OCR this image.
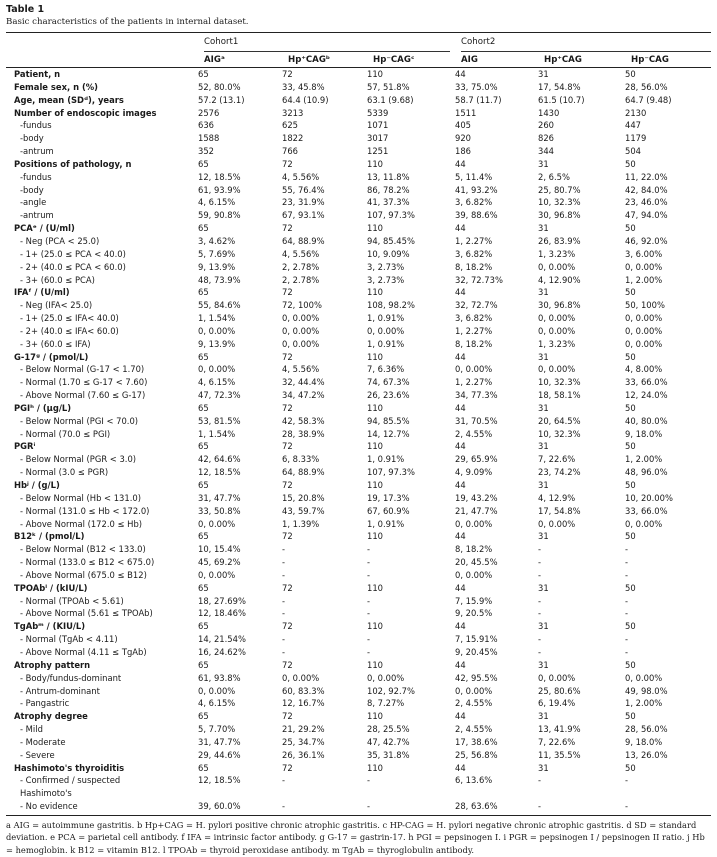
Table 1
Basic characteristics of the patients in internal dataset.
Cohort1	Cohort2
AIGᵃ	Hp⁺CAGᵇ	Hp⁻CAGᶜ	AIG	Hp⁺CAG	Hp⁻CAG
Patient, n	65	72	110	44	31	50
Female sex, n (%)	52, 80.0%	33, 45.8%	57, 51.8%	33, 75.0%	17, 54.8%	28, 56.0%
Age, mean (SDᵈ), years	57.2 (13.1)	64.4 (10.9)	63.1 (9.68)	58.7 (11.7)	61.5 (10.7)	64.7 (9.48)
Number of endoscopic images	2576	3213	5339	1511	1430	2130
-fundus	636	625	1071	405	260	447
-body	1588	1822	3017	920	826	1179
-antrum	352	766	1251	186	344	504
Positions of pathology, n	65	72	110	44	31	50
-fundus	12, 18.5%	4, 5.56%	13, 11.8%	5, 11.4%	2, 6.5%	11, 22.0%
-body	61, 93.9%	55, 76.4%	86, 78.2%	41, 93.2%	25, 80.7%	42, 84.0%
-angle	4, 6.15%	23, 31.9%	41, 37.3%	3, 6.82%	10, 32.3%	23, 46.0%
-antrum	59, 90.8%	67, 93.1%	107, 97.3%	39, 88.6%	30, 96.8%	47, 94.0%
PCAᵉ / (U/ml)	65	72	110	44	31	50
- Neg (PCA < 25.0)	3, 4.62%	64, 88.9%	94, 85.45%	1, 2.27%	26, 83.9%	46, 92.0%
- 1+ (25.0 ≤ PCA < 40.0)	5, 7.69%	4, 5.56%	10, 9.09%	3, 6.82%	1, 3.23%	3, 6.00%
- 2+ (40.0 ≤ PCA < 60.0)	9, 13.9%	2, 2.78%	3, 2.73%	8, 18.2%	0, 0.00%	0, 0.00%
- 3+ (60.0 ≤ PCA)	48, 73.9%	2, 2.78%	3, 2.73%	32, 72.73%	4, 12.90%	1, 2.00%
IFAᶠ / (U/ml)	65	72	110	44	31	50
- Neg (IFA< 25.0)	55, 84.6%	72, 100%	108, 98.2%	32, 72.7%	30, 96.8%	50, 100%
- 1+ (25.0 ≤ IFA< 40.0)	1, 1.54%	0, 0.00%	1, 0.91%	3, 6.82%	0, 0.00%	0, 0.00%
- 2+ (40.0 ≤ IFA< 60.0)	0, 0.00%	0, 0.00%	0, 0.00%	1, 2.27%	0, 0.00%	0, 0.00%
- 3+ (60.0 ≤ IFA)	9, 13.9%	0, 0.00%	1, 0.91%	8, 18.2%	1, 3.23%	0, 0.00%
G-17ᵍ / (pmol/L)	65	72	110	44	31	50
- Below Normal (G-17 < 1.70)	0, 0.00%	4, 5.56%	7, 6.36%	0, 0.00%	0, 0.00%	4, 8.00%
- Normal (1.70 ≤ G-17 < 7.60)	4, 6.15%	32, 44.4%	74, 67.3%	1, 2.27%	10, 32.3%	33, 66.0%
- Above Normal (7.60 ≤ G-17)	47, 72.3%	34, 47.2%	26, 23.6%	34, 77.3%	18, 58.1%	12, 24.0%
PGIʰ / (μg/L)	65	72	110	44	31	50
- Below Normal (PGI < 70.0)	53, 81.5%	42, 58.3%	94, 85.5%	31, 70.5%	20, 64.5%	40, 80.0%
- Normal (70.0 ≤ PGI)	1, 1.54%	28, 38.9%	14, 12.7%	2, 4.55%	10, 32.3%	9, 18.0%
PGRⁱ	65	72	110	44	31	50
- Below Normal (PGR < 3.0)	42, 64.6%	6, 8.33%	1, 0.91%	29, 65.9%	7, 22.6%	1, 2.00%
- Normal (3.0 ≤ PGR)	12, 18.5%	64, 88.9%	107, 97.3%	4, 9.09%	23, 74.2%	48, 96.0%
Hbʲ / (g/L)	65	72	110	44	31	50
- Below Normal (Hb < 131.0)	31, 47.7%	15, 20.8%	19, 17.3%	19, 43.2%	4, 12.9%	10, 20.00%
- Normal (131.0 ≤ Hb < 172.0)	33, 50.8%	43, 59.7%	67, 60.9%	21, 47.7%	17, 54.8%	33, 66.0%
- Above Normal (172.0 ≤ Hb)	0, 0.00%	1, 1.39%	1, 0.91%	0, 0.00%	0, 0.00%	0, 0.00%
B12ᵏ / (pmol/L)	65	72	110	44	31	50
- Below Normal (B12 < 133.0)	10, 15.4%	-	-	8, 18.2%	-	-
- Normal (133.0 ≤ B12 < 675.0)	45, 69.2%	-	-	20, 45.5%	-	-
- Above Normal (675.0 ≤ B12)	0, 0.00%	-	-	0, 0.00%	-	-
TPOAbˡ / (kIU/L)	65	72	110	44	31	50
- Normal (TPOAb < 5.61)	18, 27.69%	-	-	7, 15.9%	-	-
- Above Normal (5.61 ≤ TPOAb)	12, 18.46%	-	-	9, 20.5%	-	-
TgAbᵐ / (KIU/L)	65	72	110	44	31	50
- Normal (TgAb < 4.11)	14, 21.54%	-	-	7, 15.91%	-	-
- Above Normal (4.11 ≤ TgAb)	16, 24.62%	-	-	9, 20.45%	-	-
Atrophy pattern	65	72	110	44	31	50
- Body/fundus-dominant	61, 93.8%	0, 0.00%	0, 0.00%	42, 95.5%	0, 0.00%	0, 0.00%
- Antrum-dominant	0, 0.00%	60, 83.3%	102, 92.7%	0, 0.00%	25, 80.6%	49, 98.0%
- Pangastric	4, 6.15%	12, 16.7%	8, 7.27%	2, 4.55%	6, 19.4%	1, 2.00%
Atrophy degree	65	72	110	44	31	50
- Mild	5, 7.70%	21, 29.2%	28, 25.5%	2, 4.55%	13, 41.9%	28, 56.0%
- Moderate	31, 47.7%	25, 34.7%	47, 42.7%	17, 38.6%	7, 22.6%	9, 18.0%
- Severe	29, 44.6%	26, 36.1%	35, 31.8%	25, 56.8%	11, 35.5%	13, 26.0%
Hashimoto's thyroiditis	65	72	110	44	31	50
- Confirmed / suspected	12, 18.5%	-	-	6, 13.6%	-	-
Hashimoto's						
- No evidence	39, 60.0%	-	-	28, 63.6%	-	-
a AIG = autoimmune gastritis. b Hp+CAG = H. pylori positive chronic atrophic gastritis. c HP-CAG = H. pylori negative chronic atrophic gastritis. d SD = standard deviation. e PCA = parietal cell antibody. f IFA = intrinsic factor antibody. g G-17 = gastrin-17. h PGI = pepsinogen I. i PGR = pepsinogen I / pepsinogen II ratio. j Hb = hemoglobin. k B12 = vitamin B12. l TPOAb = thyroid peroxidase antibody. m TgAb = thyroglobulin antibody.
